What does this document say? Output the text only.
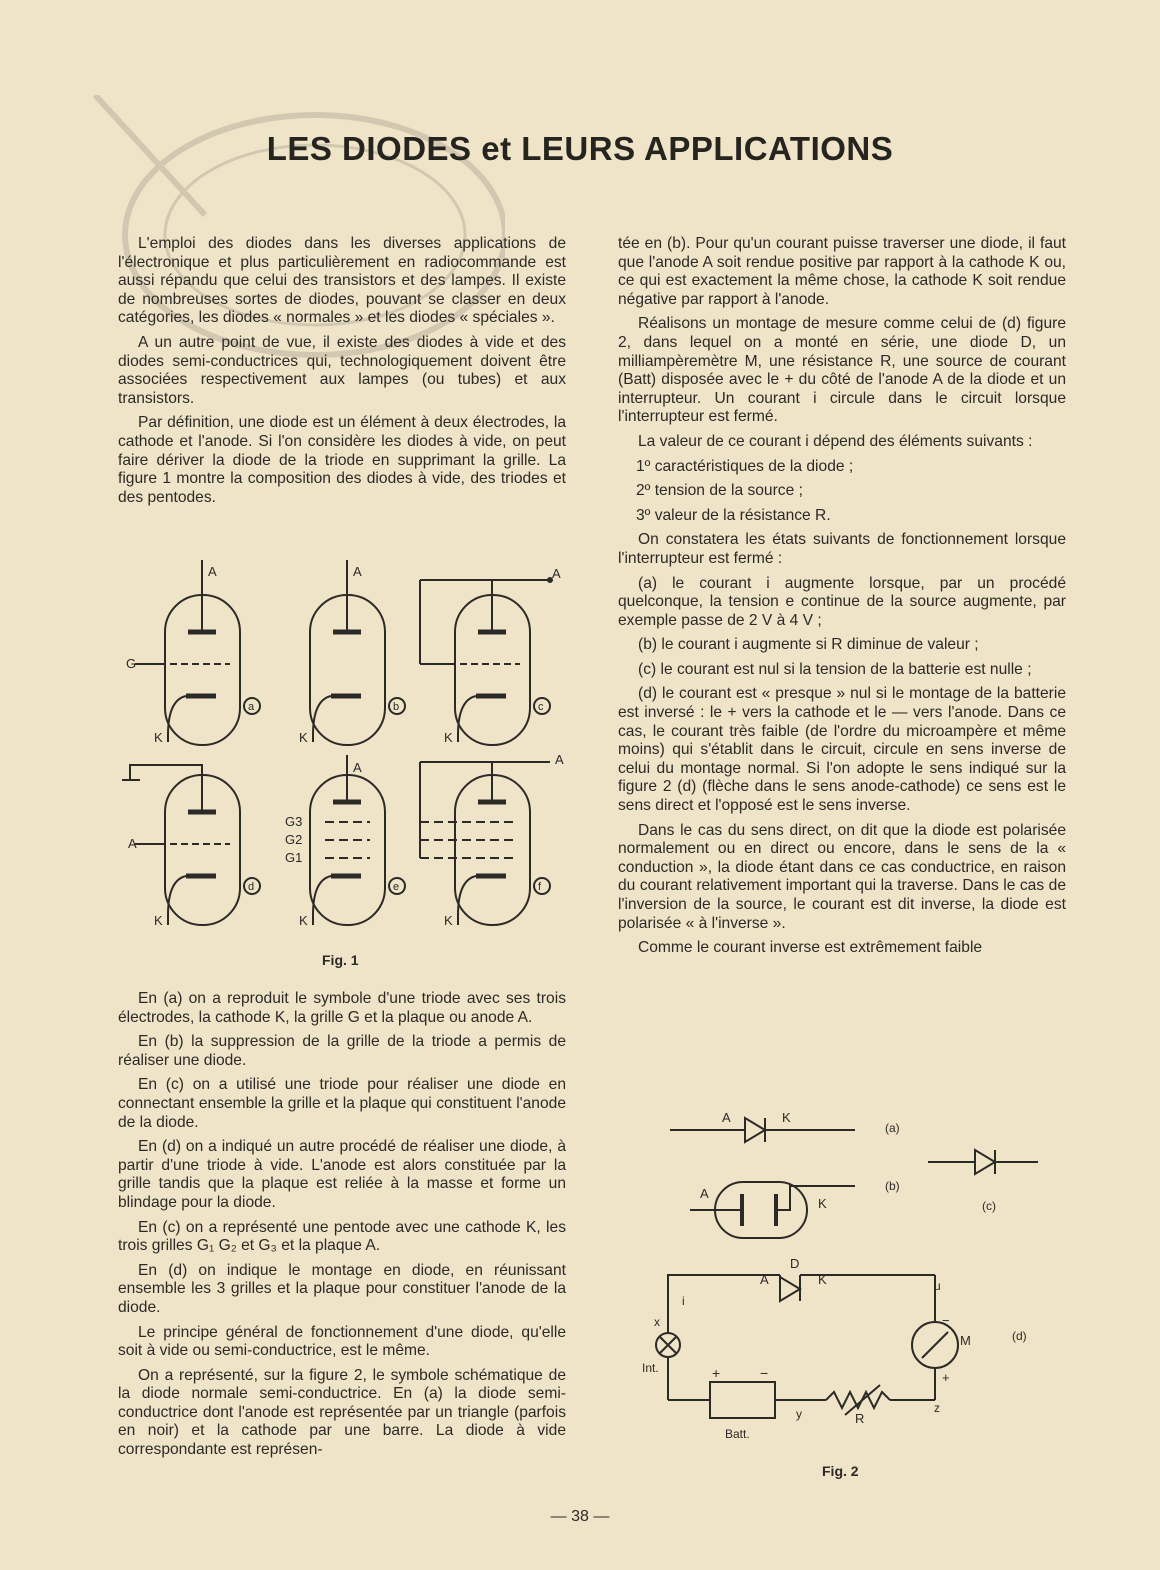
LES DIODES et LEURS APPLICATIONS

L'emploi des diodes dans les diverses applications de l'électronique et plus particulièrement en radiocommande est aussi répandu que celui des transistors et des lampes. Il existe de nombreuses sortes de diodes, pouvant se classer en deux catégories, les diodes « normales » et les diodes « spéciales ».

A un autre point de vue, il existe des diodes à vide et des diodes semi-conductrices qui, technologiquement doivent être associées respectivement aux lampes (ou tubes) et aux transistors.

Par définition, une diode est un élément à deux électrodes, la cathode et l'anode. Si l'on considère les diodes à vide, on peut faire dériver la diode de la triode en supprimant la grille. La figure 1 montre la composition des diodes à vide, des triodes et des pentodes.

A
G
K
a
A
K
b
A
K
c
A
K
d
A
G3
G2
G1
K
e
A
K
f
Fig. 1

En (a) on a reproduit le symbole d'une triode avec ses trois électrodes, la cathode K, la grille G et la plaque ou anode A.

En (b) la suppression de la grille de la triode a permis de réaliser une diode.

En (c) on a utilisé une triode pour réaliser une diode en connectant ensemble la grille et la plaque qui constituent l'anode de la diode.

En (d) on a indiqué un autre procédé de réaliser une diode, à partir d'une triode à vide. L'anode est alors constituée par la grille tandis que la plaque est reliée à la masse et forme un blindage pour la diode.

En (c) on a représenté une pentode avec une cathode K, les trois grilles G₁ G₂ et G₃ et la plaque A.

En (d) on indique le montage en diode, en réunissant ensemble les 3 grilles et la plaque pour constituer l'anode de la diode.

Le principe général de fonctionnement d'une diode, qu'elle soit à vide ou semi-conductrice, est le même.

On a représenté, sur la figure 2, le symbole schématique de la diode normale semi-conductrice. En (a) la diode semi-conductrice dont l'anode est représentée par un triangle (parfois en noir) et la cathode par une barre. La diode à vide correspondante est représen-

tée en (b). Pour qu'un courant puisse traverser une diode, il faut que l'anode A soit rendue positive par rapport à la cathode K ou, ce qui est exactement la même chose, la cathode K soit rendue négative par rapport à l'anode.

Réalisons un montage de mesure comme celui de (d) figure 2, dans lequel on a monté en série, une diode D, un milliampèremètre M, une résistance R, une source de courant (Batt) disposée avec le + du côté de l'anode A de la diode et un interrupteur. Un courant i circule dans le circuit lorsque l'interrupteur est fermé.

La valeur de ce courant i dépend des éléments suivants :

1º caractéristiques de la diode ;

2º tension de la source ;

3º valeur de la résistance R.

On constatera les états suivants de fonctionnement lorsque l'interrupteur est fermé :

(a) le courant i augmente lorsque, par un procédé quelconque, la tension e continue de la source augmente, par exemple passe de 2 V à 4 V ;

(b) le courant i augmente si R diminue de valeur ;

(c) le courant est nul si la tension de la batterie est nulle ;

(d) le courant est « presque » nul si le montage de la batterie est inversé : le + vers la cathode et le — vers l'anode. Dans ce cas, le courant très faible (de l'ordre du microampère et même moins) qui s'établit dans le circuit, circule en sens inverse de celui du montage normal. Si l'on adopte le sens indiqué sur la figure 2 (d) (flèche dans le sens anode-cathode) ce sens est le sens direct et l'opposé est le sens inverse.

Dans le cas du sens direct, on dit que la diode est polarisée normalement ou en direct ou encore, dans le sens de la « conduction », la diode étant dans ce cas conductrice, en raison du courant relativement important qui la traverse. Dans le cas de l'inversion de la source, le courant est dit inverse, la diode est polarisée « à l'inverse ».

Comme le courant inverse est extrêmement faible

A	K
(a)
(c)
A
K
(b)
D
A	K
M
−
+
R
Int.
Batt.
+	−
x
i
y
u
z
(d)
Fig. 2
— 38 —
